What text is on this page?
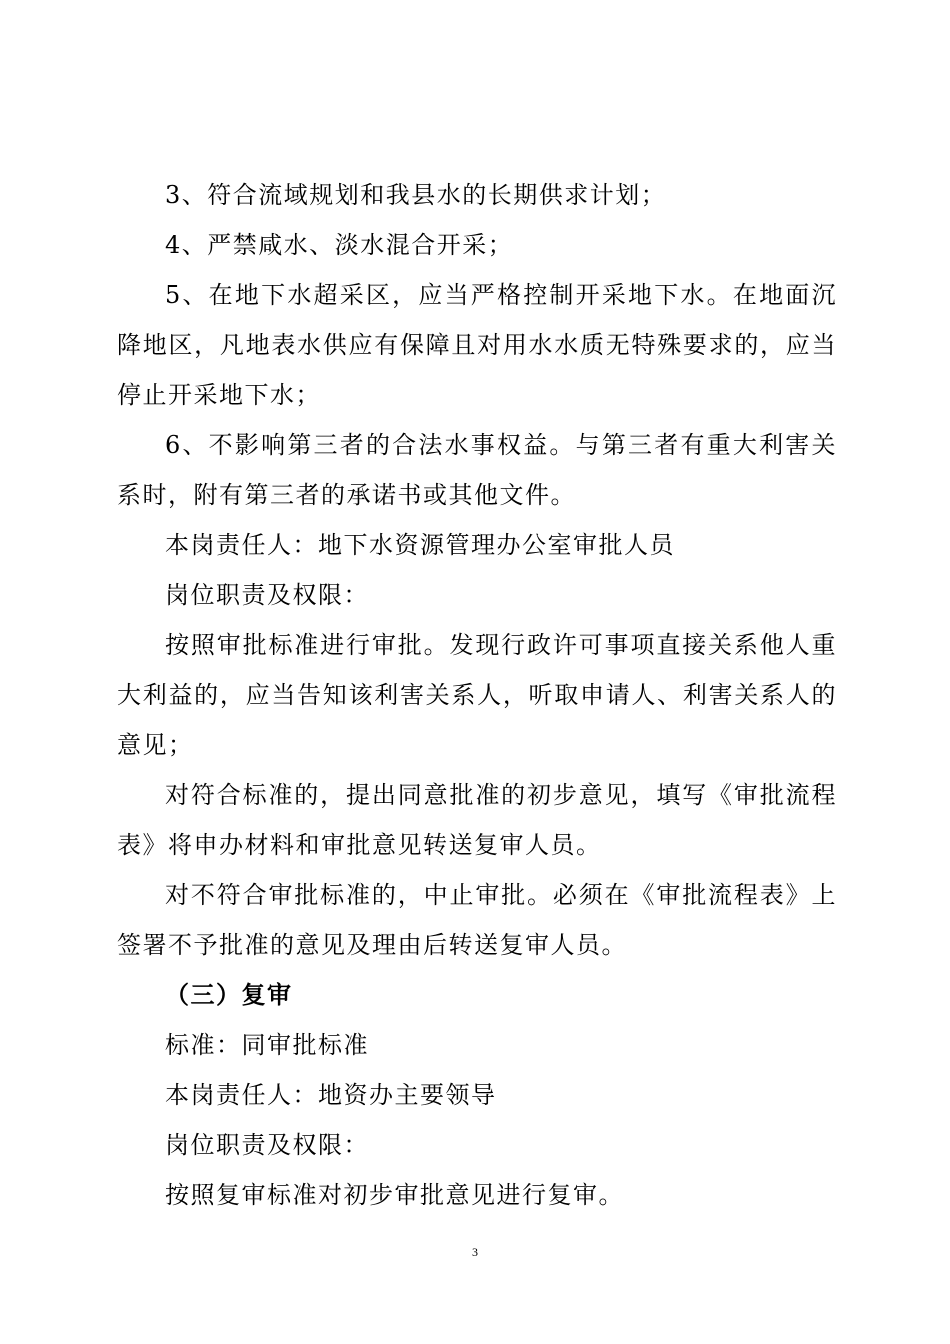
3、符合流域规划和我县水的长期供求计划；

4、严禁咸水、淡水混合开采；

5、在地下水超采区，应当严格控制开采地下水。在地面沉降地区，凡地表水供应有保障且对用水水质无特殊要求的，应当停止开采地下水；

6、不影响第三者的合法水事权益。与第三者有重大利害关系时，附有第三者的承诺书或其他文件。

本岗责任人：地下水资源管理办公室审批人员

岗位职责及权限：

按照审批标准进行审批。发现行政许可事项直接关系他人重大利益的，应当告知该利害关系人，听取申请人、利害关系人的意见；

对符合标准的，提出同意批准的初步意见，填写《审批流程表》将申办材料和审批意见转送复审人员。

对不符合审批标准的，中止审批。必须在《审批流程表》上签署不予批准的意见及理由后转送复审人员。

（三）复审

标准：同审批标准

本岗责任人：地资办主要领导

岗位职责及权限：

按照复审标准对初步审批意见进行复审。

3
